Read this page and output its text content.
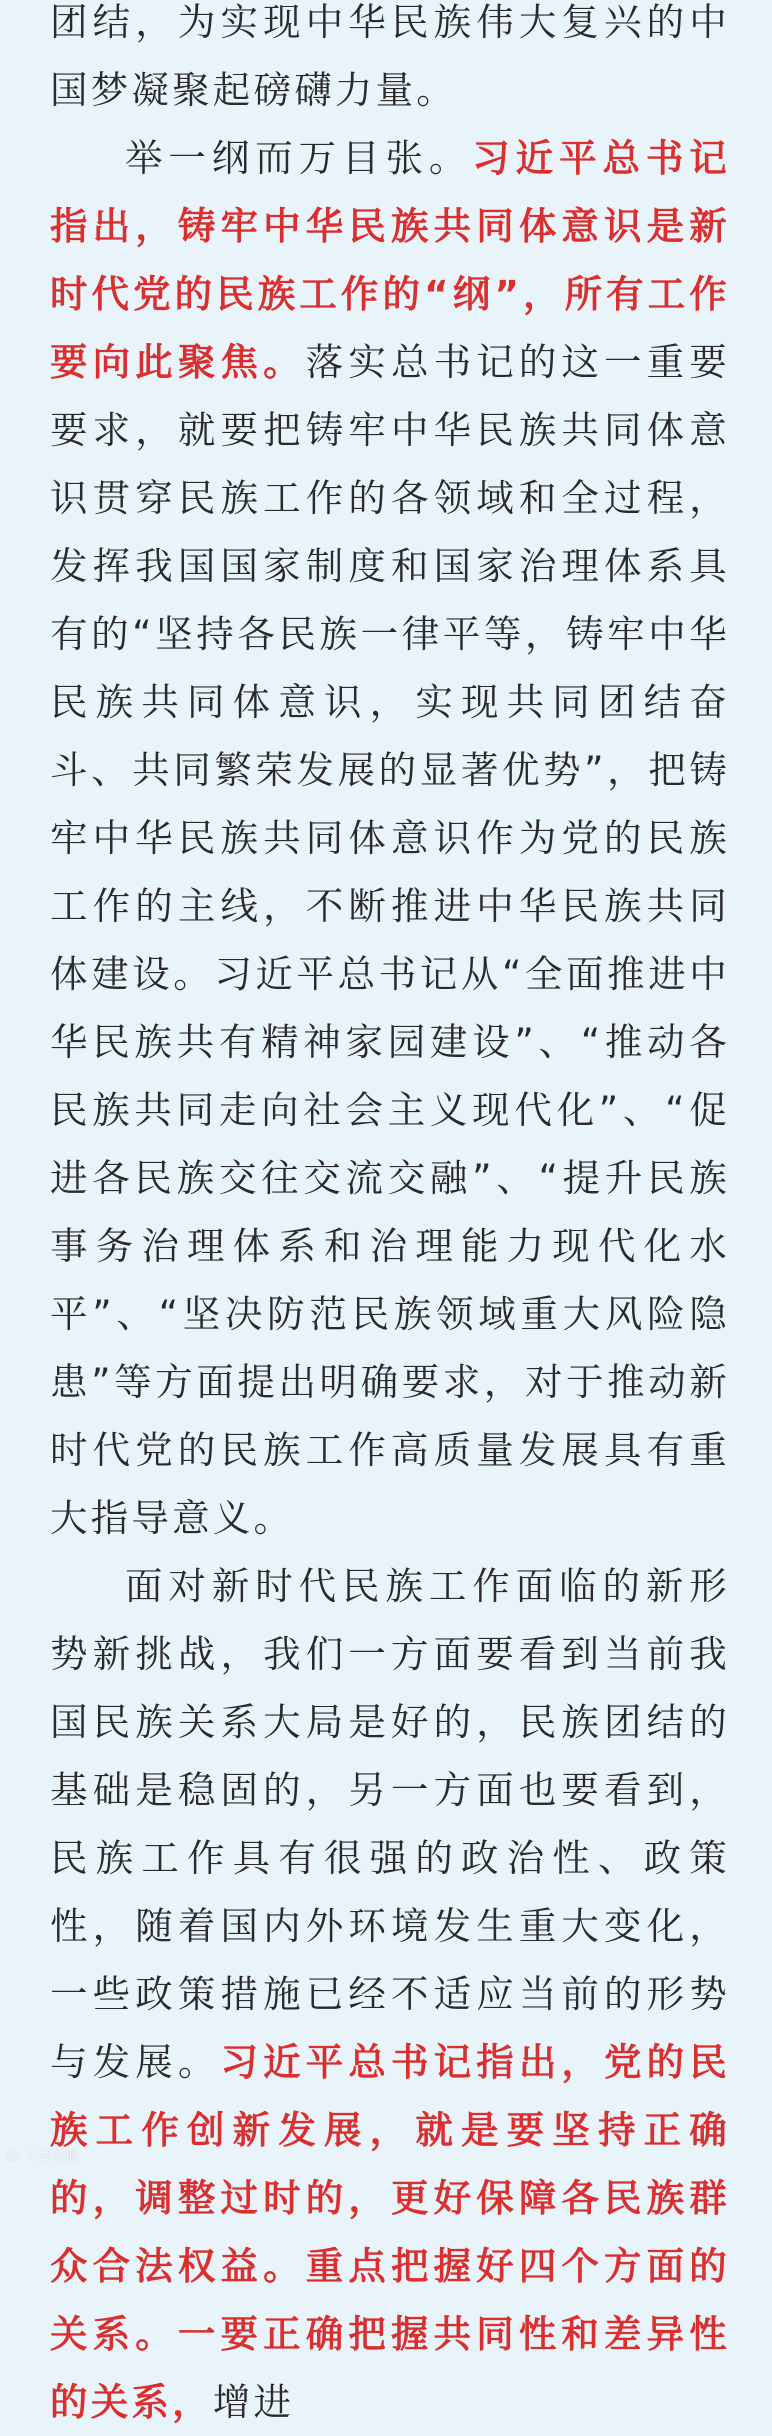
团结，为实现中华民族伟大复兴的中国梦凝聚起磅礴力量。

举一纲而万目张。习近平总书记指出，铸牢中华民族共同体意识是新时代党的民族工作的“纲”，所有工作要向此聚焦。落实总书记的这一重要要求，就要把铸牢中华民族共同体意识贯穿民族工作的各领域和全过程，发挥我国国家制度和国家治理体系具有的“坚持各民族一律平等，铸牢中华民族共同体意识，实现共同团结奋斗、共同繁荣发展的显著优势”，把铸牢中华民族共同体意识作为党的民族工作的主线，不断推进中华民族共同体建设。习近平总书记从“全面推进中华民族共有精神家园建设”、“推动各民族共同走向社会主义现代化”、“促进各民族交往交流交融”、“提升民族事务治理体系和治理能力现代化水平”、“坚决防范民族领域重大风险隐患”等方面提出明确要求，对于推动新时代党的民族工作高质量发展具有重大指导意义。

面对新时代民族工作面临的新形势新挑战，我们一方面要看到当前我国民族关系大局是好的，民族团结的基础是稳固的，另一方面也要看到，民族工作具有很强的政治性、政策性，随着国内外环境发生重大变化，一些政策措施已经不适应当前的形势与发展。习近平总书记指出，党的民族工作创新发展，就是要坚持正确的，调整过时的，更好保障各民族群众合法权益。重点把握好四个方面的关系。一要正确把握共同性和差异性的关系，增进

© 人民日报
